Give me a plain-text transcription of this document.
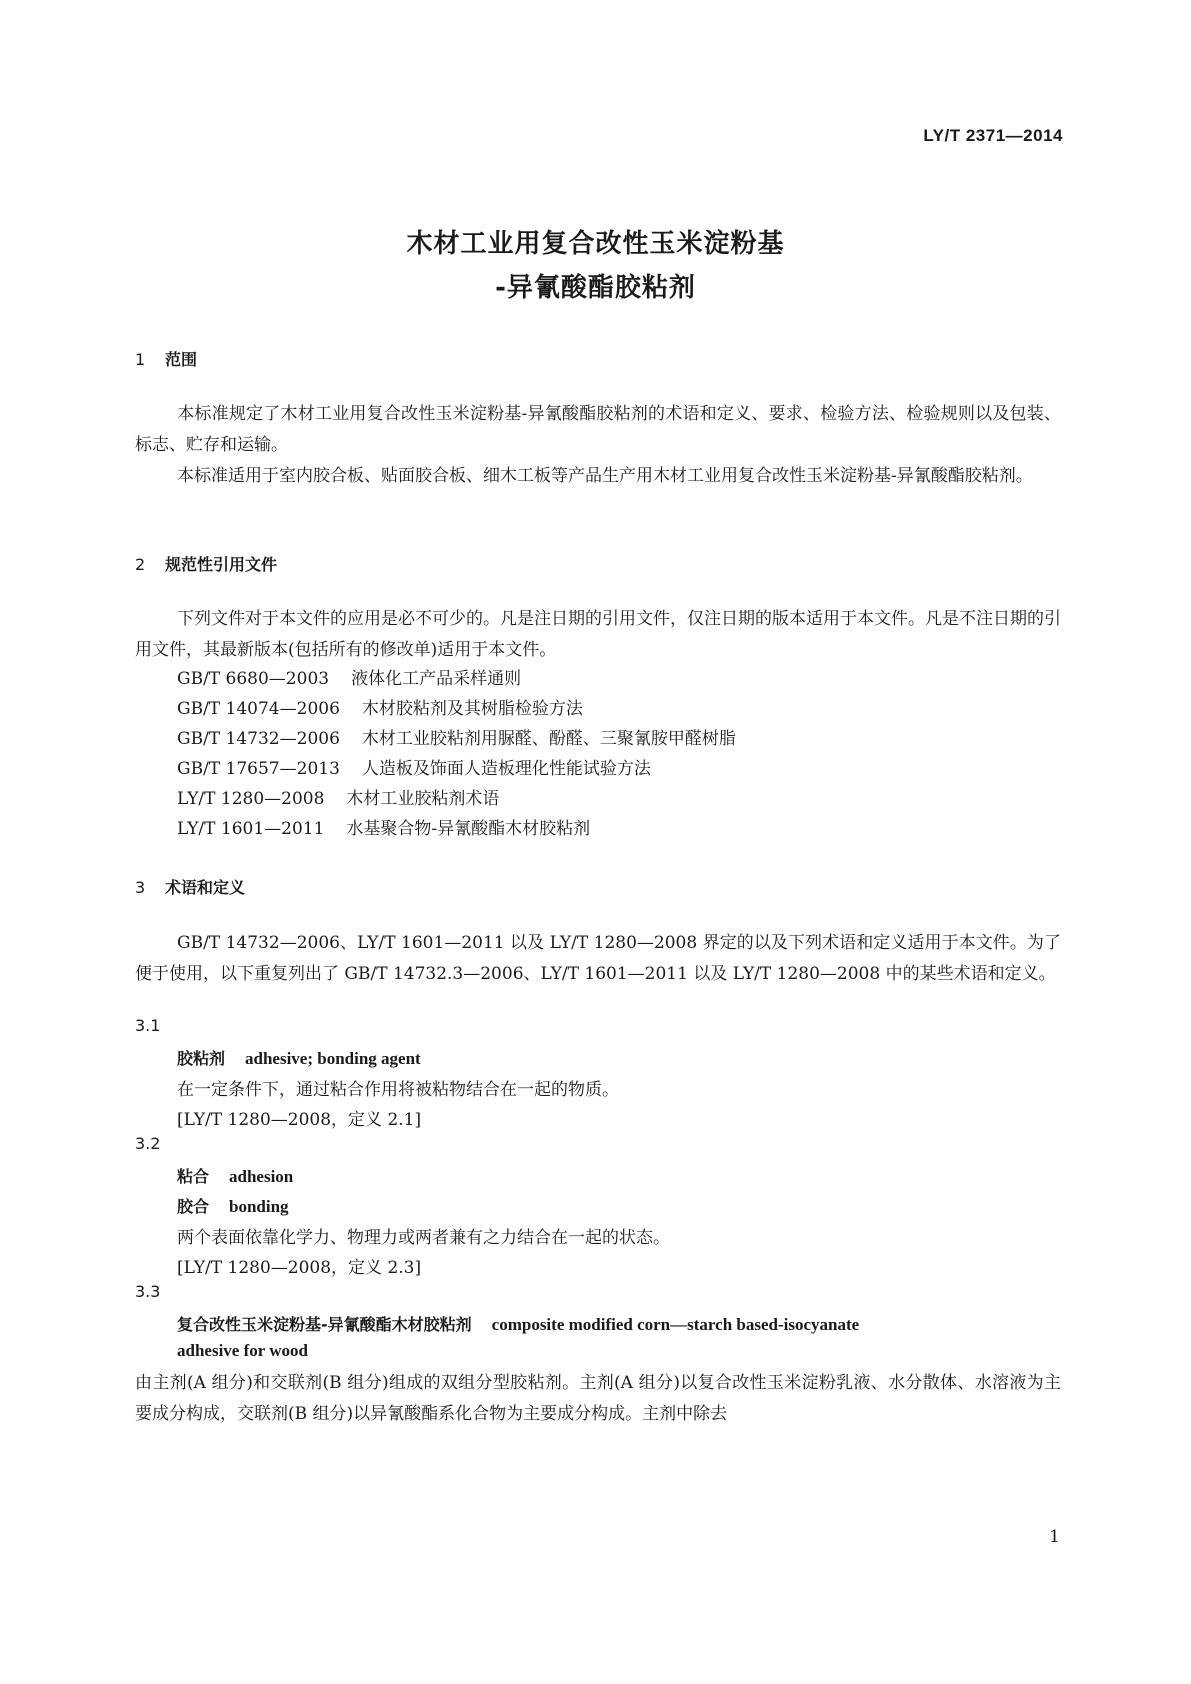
LY/T 2371—2014
木材工业用复合改性玉米淀粉基
-异氰酸酯胶粘剂
1 范围
本标准规定了木材工业用复合改性玉米淀粉基-异氰酸酯胶粘剂的术语和定义、要求、检验方法、检验规则以及包装、标志、贮存和运输。
本标准适用于室内胶合板、贴面胶合板、细木工板等产品生产用木材工业用复合改性玉米淀粉基-异氰酸酯胶粘剂。
2 规范性引用文件
下列文件对于本文件的应用是必不可少的。凡是注日期的引用文件，仅注日期的版本适用于本文件。凡是不注日期的引用文件，其最新版本(包括所有的修改单)适用于本文件。
GB/T 6680—2003 液体化工产品采样通则
GB/T 14074—2006 木材胶粘剂及其树脂检验方法
GB/T 14732—2006 木材工业胶粘剂用脲醛、酚醛、三聚氰胺甲醛树脂
GB/T 17657—2013 人造板及饰面人造板理化性能试验方法
LY/T 1280—2008 木材工业胶粘剂术语
LY/T 1601—2011 水基聚合物-异氰酸酯木材胶粘剂
3 术语和定义
GB/T 14732—2006、LY/T 1601—2011 以及 LY/T 1280—2008 界定的以及下列术语和定义适用于本文件。为了便于使用，以下重复列出了 GB/T 14732.3—2006、LY/T 1601—2011 以及 LY/T 1280—2008 中的某些术语和定义。
3.1
胶粘剂 adhesive; bonding agent
在一定条件下，通过粘合作用将被粘物结合在一起的物质。
[LY/T 1280—2008，定义 2.1]
3.2
粘合 adhesion
胶合 bonding
两个表面依靠化学力、物理力或两者兼有之力结合在一起的状态。
[LY/T 1280—2008，定义 2.3]
3.3
复合改性玉米淀粉基-异氰酸酯木材胶粘剂 composite modified corn—starch based-isocyanate
adhesive for wood
由主剂(A 组分)和交联剂(B 组分)组成的双组分型胶粘剂。主剂(A 组分)以复合改性玉米淀粉乳液、水分散体、水溶液为主要成分构成，交联剂(B 组分)以异氰酸酯系化合物为主要成分构成。主剂中除去
1
